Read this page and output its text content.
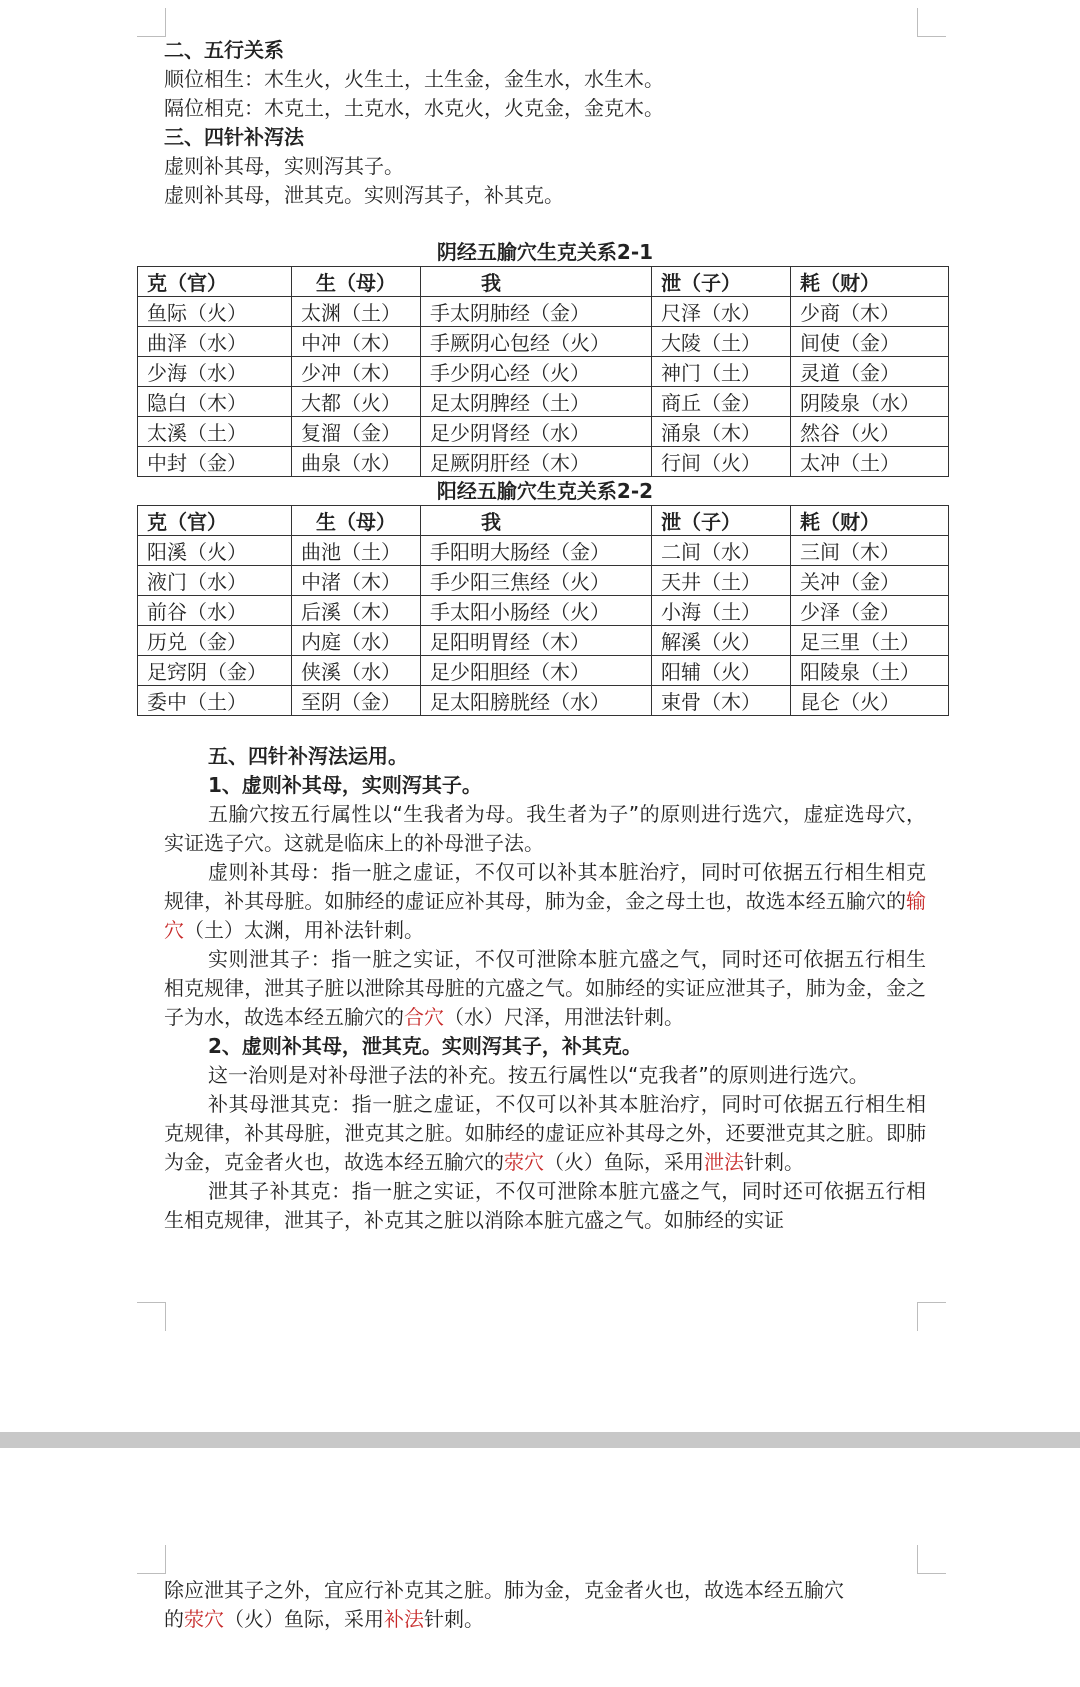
二、五行关系

顺位相生：木生火，火生土，土生金，金生水，水生木。

隔位相克：木克土，土克水，水克火，火克金，金克木。

三、四针补泻法

虚则补其母，实则泻其子。

虚则补其母，泄其克。实则泻其子，补其克。

阴经五腧穴生克关系2-1

克（官）	生（母）	我	泄（子）	耗（财）
鱼际（火）	太渊（土）	手太阴肺经（金）	尺泽（水）	少商（木）
曲泽（水）	中冲（木）	手厥阴心包经（火）	大陵（土）	间使（金）
少海（水）	少冲（木）	手少阴心经（火）	神门（土）	灵道（金）
隐白（木）	大都（火）	足太阴脾经（土）	商丘（金）	阴陵泉（水）
太溪（土）	复溜（金）	足少阴肾经（水）	涌泉（木）	然谷（火）
中封（金）	曲泉（水）	足厥阴肝经（木）	行间（火）	太冲（土）

阳经五腧穴生克关系2-2

克（官）	生（母）	我	泄（子）	耗（财）
阳溪（火）	曲池（土）	手阳明大肠经（金）	二间（水）	三间（木）
液门（水）	中渚（木）	手少阳三焦经（火）	天井（土）	关冲（金）
前谷（水）	后溪（木）	手太阳小肠经（火）	小海（土）	少泽（金）
历兑（金）	内庭（水）	足阳明胃经（木）	解溪（火）	足三里（土）
足窍阴（金）	侠溪（水）	足少阳胆经（木）	阳辅（火）	阳陵泉（土）
委中（土）	至阴（金）	足太阳膀胱经（水）	束骨（木）	昆仑（火）

五、四针补泻法运用。

1、虚则补其母，实则泻其子。

五腧穴按五行属性以“生我者为母。我生者为子”的原则进行选穴，虚症选母穴，实证选子穴。这就是临床上的补母泄子法。

虚则补其母：指一脏之虚证，不仅可以补其本脏治疗，同时可依据五行相生相克规律，补其母脏。如肺经的虚证应补其母，肺为金，金之母土也，故选本经五腧穴的输穴（土）太渊，用补法针刺。

实则泄其子：指一脏之实证，不仅可泄除本脏亢盛之气，同时还可依据五行相生相克规律，泄其子脏以泄除其母脏的亢盛之气。如肺经的实证应泄其子，肺为金，金之子为水，故选本经五腧穴的合穴（水）尺泽，用泄法针刺。

2、虚则补其母，泄其克。实则泻其子，补其克。

这一治则是对补母泄子法的补充。按五行属性以“克我者”的原则进行选穴。

补其母泄其克：指一脏之虚证，不仅可以补其本脏治疗，同时可依据五行相生相克规律，补其母脏，泄克其之脏。如肺经的虚证应补其母之外，还要泄克其之脏。即肺为金，克金者火也，故选本经五腧穴的荥穴（火）鱼际，采用泄法针刺。

泄其子补其克：指一脏之实证，不仅可泄除本脏亢盛之气，同时还可依据五行相生相克规律，泄其子，补克其之脏以消除本脏亢盛之气。如肺经的实证

除应泄其子之外，宜应行补克其之脏。肺为金，克金者火也，故选本经五腧穴

的荥穴（火）鱼际，采用补法针刺。
